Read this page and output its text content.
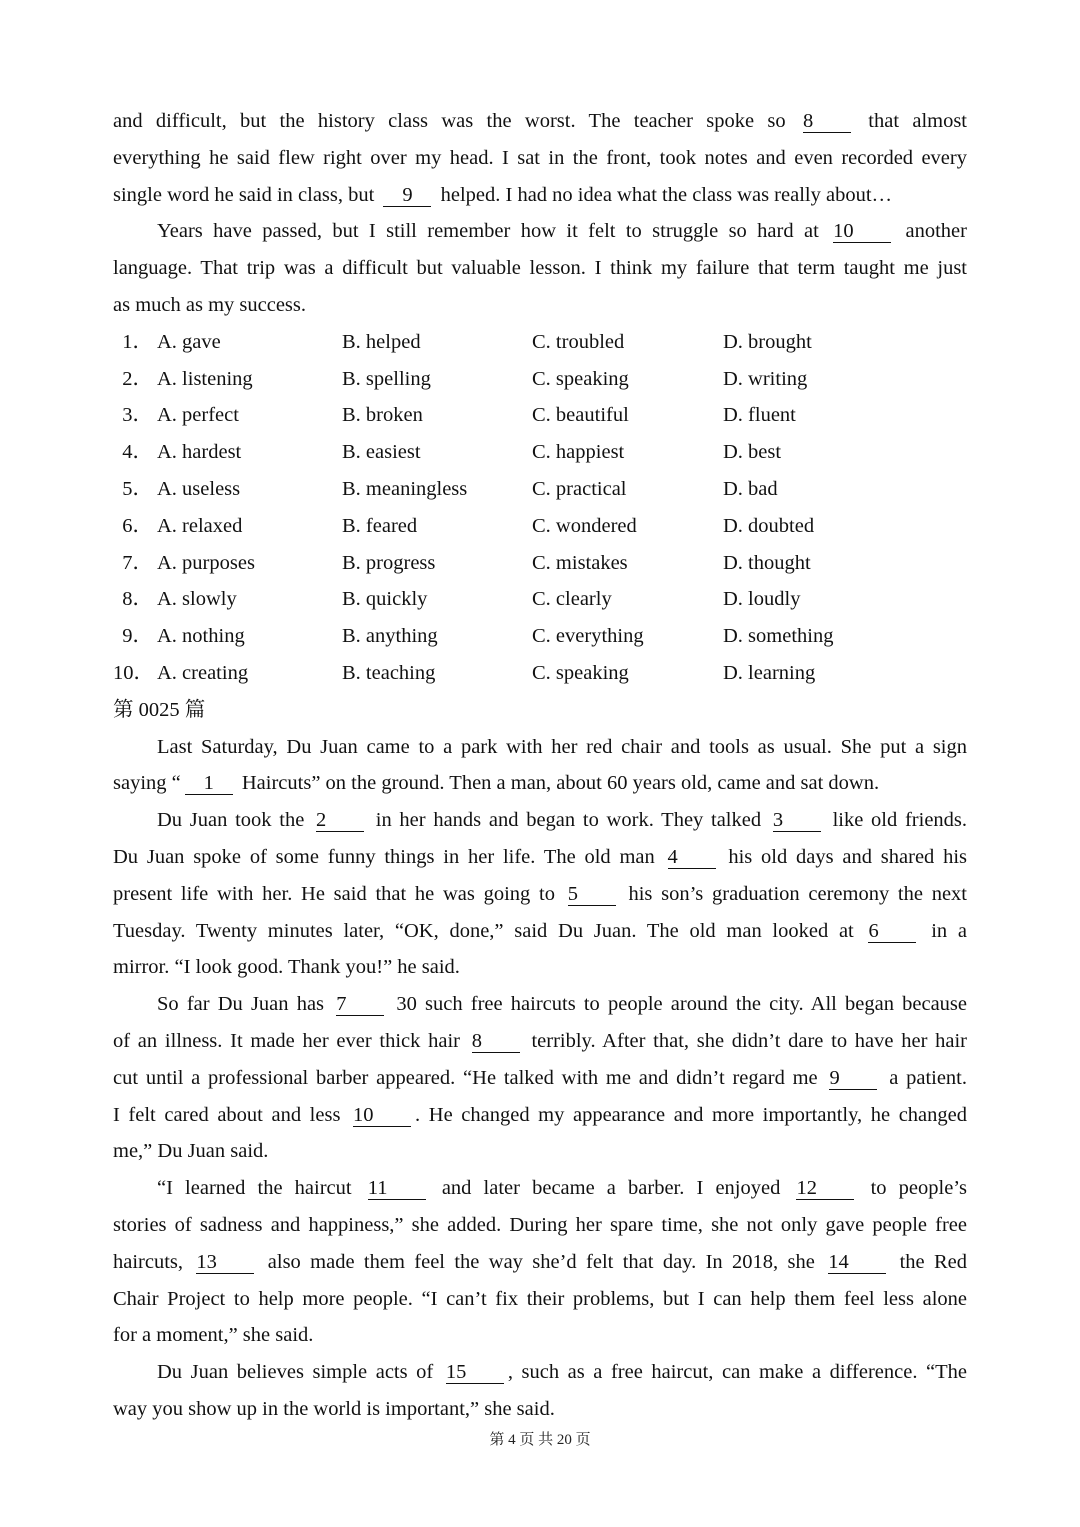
and difficult, but the history class was the worst. The teacher spoke so 8	that almost
everything he said flew right over my head. I sat in the front, took notes and even recorded every
single word he said in class, but 9 helped. I had no idea what the class was really about…
Years have passed, but I still remember how it felt to struggle so hard at 10	another
language. That trip was a difficult but valuable lesson. I think my failure that term taught me just
as much as my success.
1． A. gave	B. helped	C. troubled	D. brought
2． A. listening	B. spelling	C. speaking	D. writing
3． A. perfect	B. broken	C. beautiful	D. fluent
4． A. hardest	B. easiest	C. happiest	D. best
5． A. useless	B. meaningless	C. practical	D. bad
6． A. relaxed	B. feared	C. wondered	D. doubted
7． A. purposes	B. progress	C. mistakes	D. thought
8． A. slowly	B. quickly	C. clearly	D. loudly
9． A. nothing	B. anything	C. everything	D. something
10． A. creating	B. teaching	C. speaking	D. learning
第 0025 篇
Last Saturday, Du Juan came to a park with her red chair and tools as usual. She put a sign
saying “ 1 Haircuts” on the ground. Then a man, about 60 years old, came and sat down.
Du Juan took the 2 in her hands and began to work. They talked 3 like old friends.
Du Juan spoke of some funny things in her life. The old man 4 his old days and shared his
present life with her. He said that he was going to 5 his son’s graduation ceremony the next
Tuesday. Twenty minutes later, “OK, done,” said Du Juan. The old man looked at 6	in a
mirror. “I look good. Thank you!” he said.
So far Du Juan has 7 30 such free haircuts to people around the city. All began because
of an illness. It made her ever thick hair 8 terribly. After that, she didn’t dare to have her hair
cut until a professional barber appeared. “He talked with me and didn’t regard me 9 a patient.
I felt cared about and less 10 . He changed my appearance and more importantly, he changed
me,” Du Juan said.
“I learned the haircut 11	and later became a barber. I enjoyed 12	to people’s
stories of sadness and happiness,” she added. During her spare time, she not only gave people free
haircuts, 13 also made them feel the way she’d felt that day. In 2018, she 14 the Red
Chair Project to help more people. “I can’t fix their problems, but I can help them feel less alone
for a moment,” she said.
Du Juan believes simple acts of 15 , such as a free haircut, can make a difference. “The
way you show up in the world is important,” she said.
第 4 页 共 20 页
